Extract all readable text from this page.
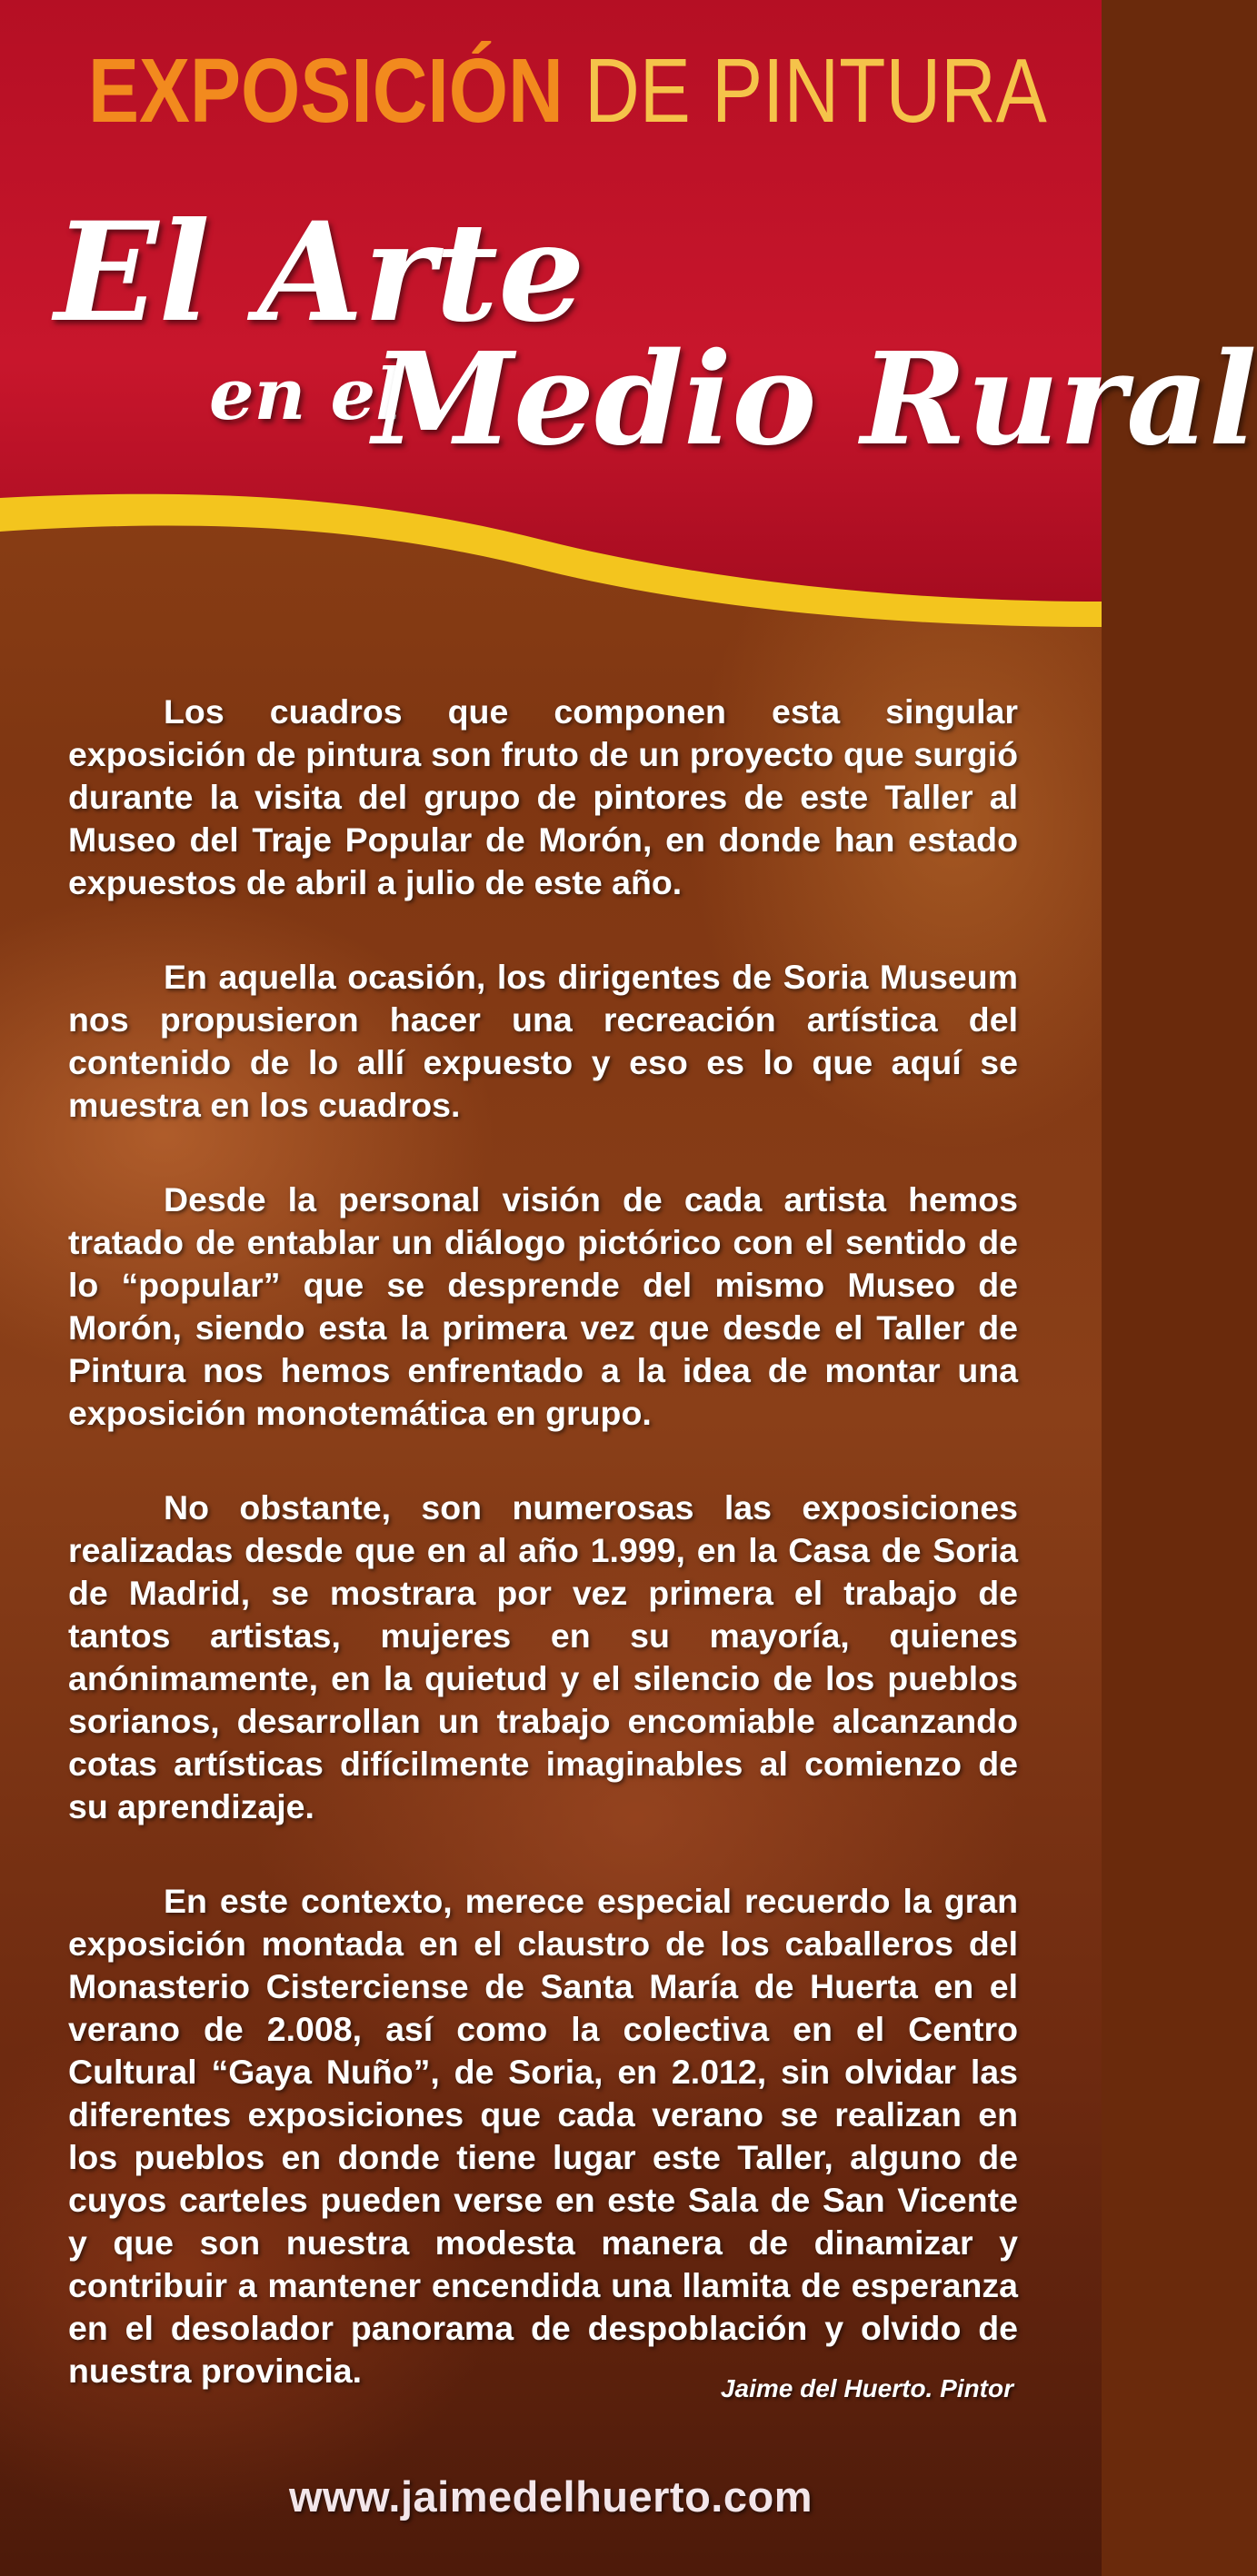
EXPOSICIÓN DE PINTURA
El Arte
en el
Medio Rural

Los cuadros que componen esta singular exposición de pintura son fruto de un proyecto que surgió durante la visita del grupo de pintores de este Taller al Museo del Traje Popular de Morón, en donde han estado expuestos de abril a julio de este año.

En aquella ocasión, los dirigentes de Soria Museum nos propusieron hacer una recreación artística del contenido de lo allí expuesto y eso es lo que aquí se muestra en los cuadros.

Desde la personal visión de cada artista hemos tratado de entablar un diálogo pictórico con el sentido de lo “popular” que se desprende del mismo Museo de Morón, siendo esta la primera vez que desde el Taller de Pintura nos hemos enfrentado a la idea de montar una exposición monotemática en grupo.

No obstante, son numerosas las exposiciones realizadas desde que en al año 1.999, en la Casa de Soria de Madrid, se mostrara por vez primera el trabajo de tantos artistas, mujeres en su mayoría, quienes anónimamente, en la quietud y el silencio de los pueblos sorianos, desarrollan un trabajo encomiable alcanzando cotas artísticas difícilmente imaginables al comienzo de su aprendizaje.

En este contexto, merece especial recuerdo la gran exposición montada en el claustro de los caballeros del Monasterio Cisterciense de Santa María de Huerta en el verano de 2.008, así como la colectiva en el Centro Cultural “Gaya Nuño”, de Soria, en 2.012, sin olvidar las diferentes exposiciones que cada verano se realizan en los pueblos en donde tiene lugar este Taller, alguno de cuyos carteles pueden verse en este Sala de San Vicente y que son nuestra modesta manera de dinamizar y contribuir a mantener encendida una llamita de esperanza en el desolador panorama de despoblación y olvido de nuestra provincia.	Jaime del Huerto. Pintor
www.jaimedelhuerto.com
